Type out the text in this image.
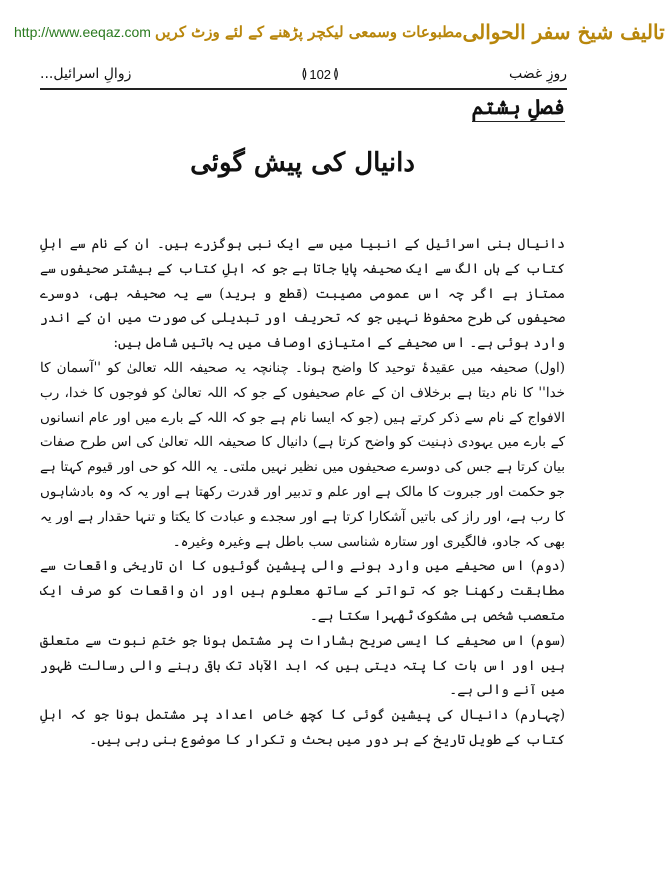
http://www.eeqaz.com مطبوعات وسمعی لیکچر پڑھنے کے لئے وزٹ کریں تالیف شیخ سفر الحوالی
روزِ غضب
≬ 102 ≬
زوالِ اسرائیل...
فصلِ ہشتم
دانیال کی پیش گوئی

دانیال بنی اسرائیل کے انبیا میں سے ایک نبی ہوگزرے ہیں۔ ان کے نام سے اہلِ کتاب کے ہاں الگ سے ایک صحیفہ پایا جاتا ہے جو کہ اہلِ کتاب کے بیشتر صحیفوں سے ممتاز ہے اگر چہ اس عمومی مصیبت (قطع و برید) سے یہ صحیفہ بھی، دوسرے صحیفوں کی طرح محفوظ نہیں جو کہ تحریف اور تبدیلی کی صورت میں ان کے اندر وارد ہوئی ہے۔ اس صحیفے کے امتیازی اوصاف میں یہ باتیں شامل ہیں:

(اول) صحیفہ میں عقیدۂ توحید کا واضح ہونا۔ چنانچہ یہ صحیفہ اللہ تعالیٰ کو ''آسمان کا خدا'' کا نام دیتا ہے برخلاف ان کے عام صحیفوں کے جو کہ اللہ تعالیٰ کو فوجوں کا خدا، رب الافواج کے نام سے ذکر کرتے ہیں (جو کہ ایسا نام ہے جو کہ اللہ کے بارے میں اور عام انسانوں کے بارے میں یہودی ذہنیت کو واضح کرتا ہے) دانیال کا صحیفہ اللہ تعالیٰ کی اس طرح صفات بیان کرتا ہے جس کی دوسرے صحیفوں میں نظیر نہیں ملتی۔ یہ اللہ کو حی اور قیوم کہتا ہے جو حکمت اور جبروت کا مالک ہے اور علم و تدبیر اور قدرت رکھتا ہے اور یہ کہ وہ بادشاہوں کا رب ہے، اور راز کی باتیں آشکارا کرتا ہے اور سجدے و عبادت کا یکتا و تنہا حقدار ہے اور یہ بھی کہ جادو، فالگیری اور ستارہ شناسی سب باطل ہے وغیرہ وغیرہ۔

(دوم) اس صحیفے میں وارد ہونے والی پیشین گوئیوں کا ان تاریخی واقعات سے مطابقت رکھنا جو کہ تواتر کے ساتھ معلوم ہیں اور ان واقعات کو صرف ایک متعصب شخص ہی مشکوک ٹھہرا سکتا ہے۔

(سوم) اس صحیفے کا ایسی صریح بشارات پر مشتمل ہونا جو ختمِ نبوت سے متعلق ہیں اور اس بات کا پتہ دیتی ہیں کہ ابد الآباد تک باقی رہنے والی رسالت ظہور میں آنے والی ہے۔

(چہارم) دانیال کی پیشین گوئی کا کچھ خاص اعداد پر مشتمل ہونا جو کہ اہلِ کتاب کے طویل تاریخ کے ہر دور میں بحث و تکرار کا موضوع بنی رہی ہیں۔
